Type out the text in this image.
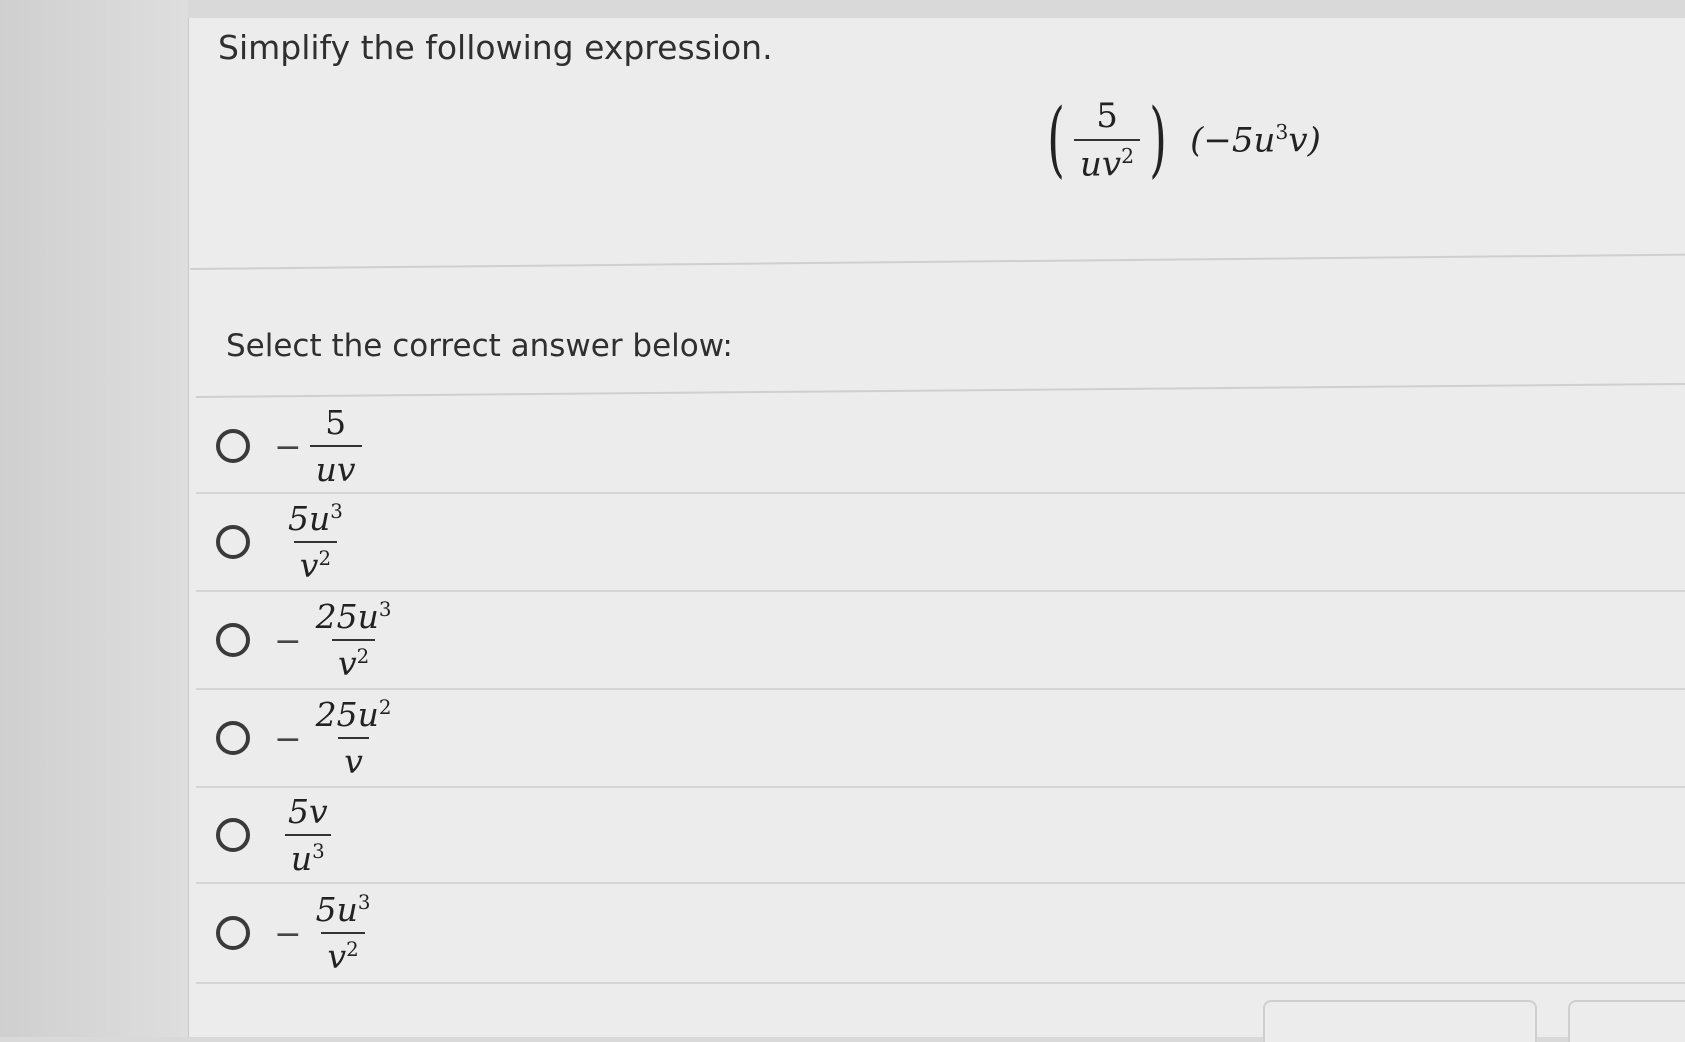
Simplify the following expression.
( $\frac{5}{uv^2}$ ) $(-5u^3v)$
Select the correct answer below:
− $\frac{5}{uv}$
$\frac{5u^3}{v^2}$
− $\frac{25u^3}{v^2}$
− $\frac{25u^2}{v}$
$\frac{5v}{u^3}$
− $\frac{5u^3}{v^2}$
